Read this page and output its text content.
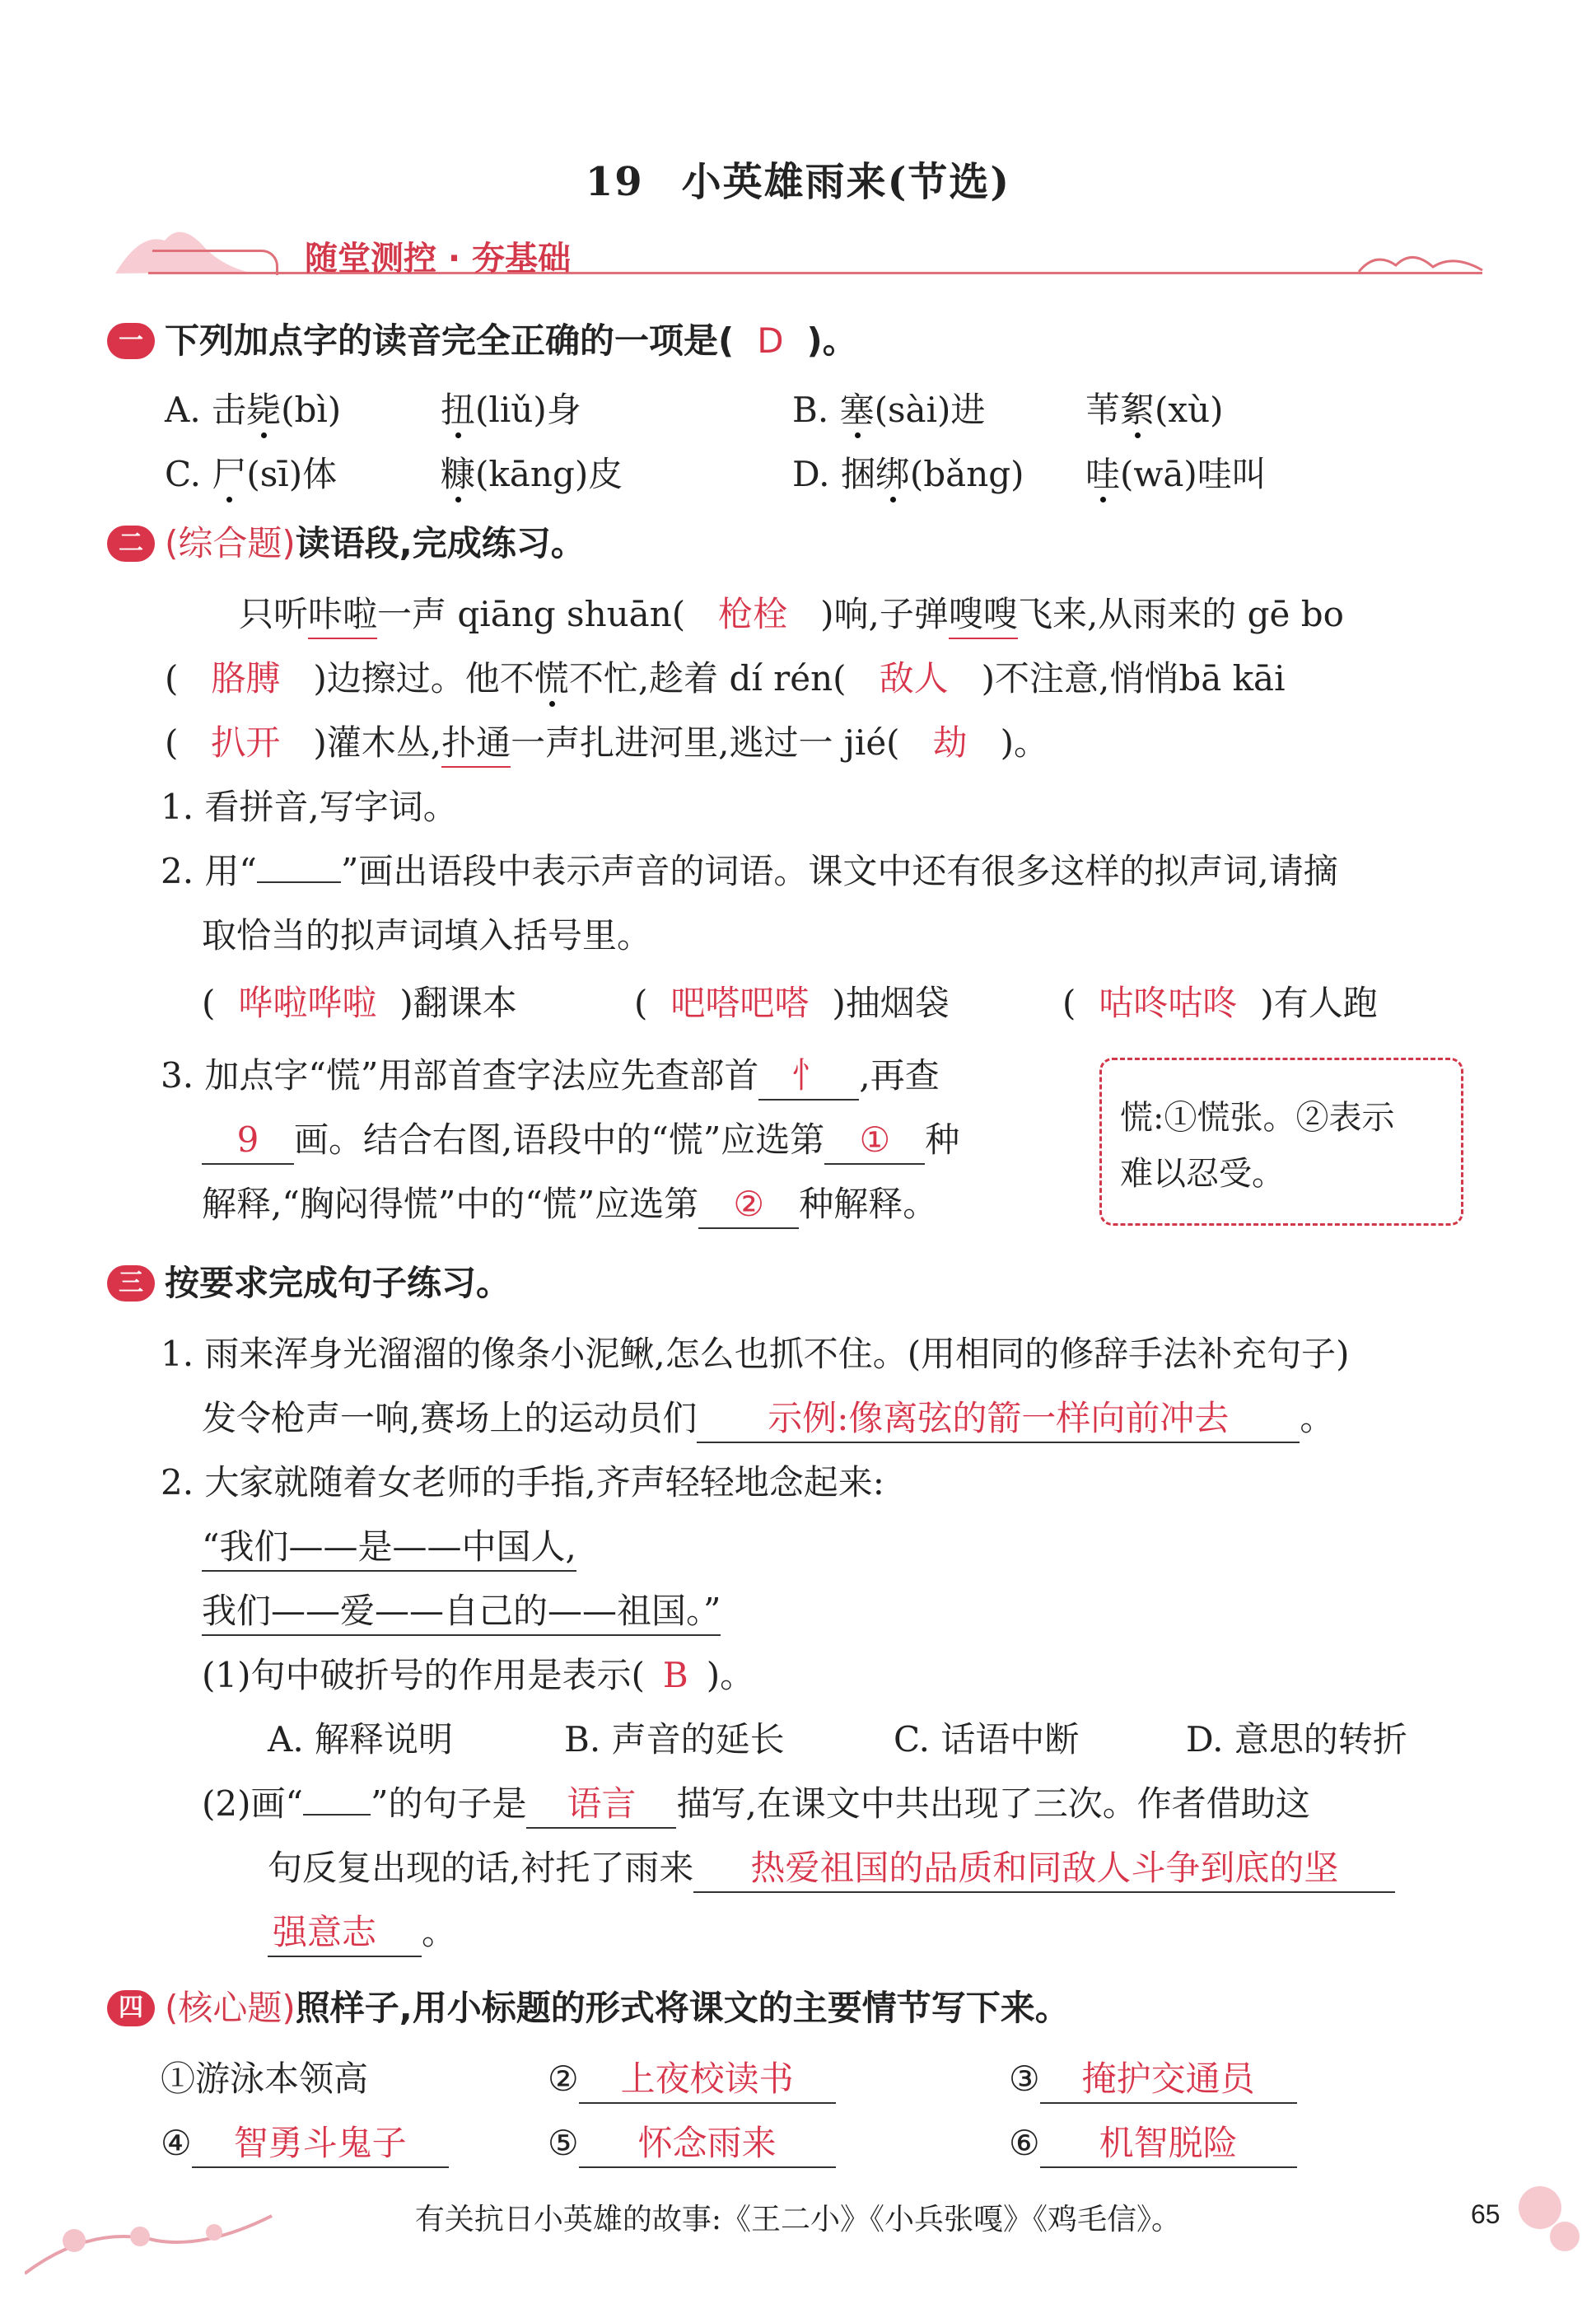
19 小英雄雨来(节选)
随堂测控 · 夯基础
一 下列加点字的读音完全正确的一项是( D )。
A. 击毙(bì)	扭(liǔ)身	B. 塞(sài)进	苇絮(xù)
C. 尸(sī)体	糠(kāng)皮	D. 捆绑(bǎng) 哇(wā)哇叫
二 (综合题)读语段,完成练习。
只听咔啦一声 qiāng shuān( 枪栓 )响,子弹嗖嗖飞来,从雨来的 gē bo
( 胳膊 )边擦过。他不慌不忙,趁着 dí rén( 敌人 )不注意,悄悄bā kāi
( 扒开 )灌木丛,扑通一声扎进河里,逃过一 jié( 劫 )。
1. 看拼音,写字词。
2. 用“ ”画出语段中表示声音的词语。课文中还有很多这样的拟声词,请摘
取恰当的拟声词填入括号里。
( 哗啦哗啦 )翻课本	( 吧嗒吧嗒 )抽烟袋	( 咕咚咕咚 )有人跑
3. 加点字“慌”用部首查字法应先查部首 忄 ,再查
9 画。结合右图,语段中的“慌”应选第 ① 种
解释,“胸闷得慌”中的“慌”应选第 ② 种解释。
慌:①慌张。②表示
难以忍受。
三 按要求完成句子练习。
1. 雨来浑身光溜溜的像条小泥鳅,怎么也抓不住。(用相同的修辞手法补充句子)
发令枪声一响,赛场上的运动员们 示例:像离弦的箭一样向前冲去 。
2. 大家就随着女老师的手指,齐声轻轻地念起来:
“我们——是——中国人,
我们——爱——自己的——祖国。”
(1)句中破折号的作用是表示( B )。
A. 解释说明	B. 声音的延长	C. 话语中断	D. 意思的转折
(2)画“ ”的句子是 语言 描写,在课文中共出现了三次。作者借助这
句反复出现的话,衬托了雨来 热爱祖国的品质和同敌人斗争到底的坚
强意志 。
四 (核心题)照样子,用小标题的形式将课文的主要情节写下来。
①游泳本领高	② 上夜校读书	③ 掩护交通员
④ 智勇斗鬼子	⑤ 怀念雨来	⑥ 机智脱险
有关抗日小英雄的故事:《王二小》《小兵张嘎》《鸡毛信》。	65
